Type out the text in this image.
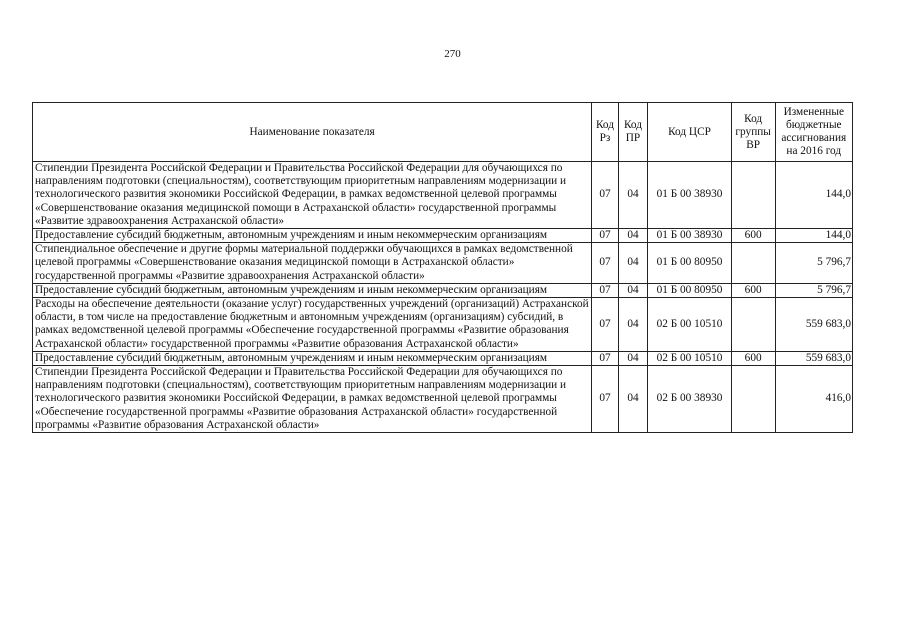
270
Наименование показателя	Код Рз	Код ПР	Код ЦСР	Код группы ВР	Измененные бюджетные ассигнования на 2016 год
Стипендии Президента Российской Федерации и Правительства Российской Федерации для обучающихся по направлениям подготовки (специальностям), соответствующим приоритетным направлениям модернизации и технологического развития экономики Российской Федерации, в рамках ведомственной целевой программы «Совершенствование оказания медицинской помощи в Астраханской области» государственной программы «Развитие здравоохранения Астраханской области»	07	04	01 Б 00 38930		144,0
Предоставление субсидий бюджетным, автономным учреждениям и иным некоммерческим организациям	07	04	01 Б 00 38930	600	144,0
Стипендиальное обеспечение и другие формы материальной поддержки обучающихся в рамках ведомственной целевой программы «Совершенствование оказания медицинской помощи в Астраханской области» государственной программы «Развитие здравоохранения Астраханской области»	07	04	01 Б 00 80950		5 796,7
Предоставление субсидий бюджетным, автономным учреждениям и иным некоммерческим организациям	07	04	01 Б 00 80950	600	5 796,7
Расходы на обеспечение деятельности (оказание услуг) государственных учреждений (организаций) Астраханской области, в том числе на предоставление бюджетным и автономным учреждениям (организациям) субсидий, в рамках ведомственной целевой программы «Обеспечение государственной программы «Развитие образования Астраханской области» государственной программы «Развитие образования Астраханской области»	07	04	02 Б 00 10510		559 683,0
Предоставление субсидий бюджетным, автономным учреждениям и иным некоммерческим организациям	07	04	02 Б 00 10510	600	559 683,0
Стипендии Президента Российской Федерации и Правительства Российской Федерации для обучающихся по направлениям подготовки (специальностям), соответствующим приоритетным направлениям модернизации и технологического развития экономики Российской Федерации, в рамках ведомственной целевой программы «Обеспечение государственной программы «Развитие образования Астраханской области» государственной программы «Развитие образования Астраханской области»	07	04	02 Б 00 38930		416,0
